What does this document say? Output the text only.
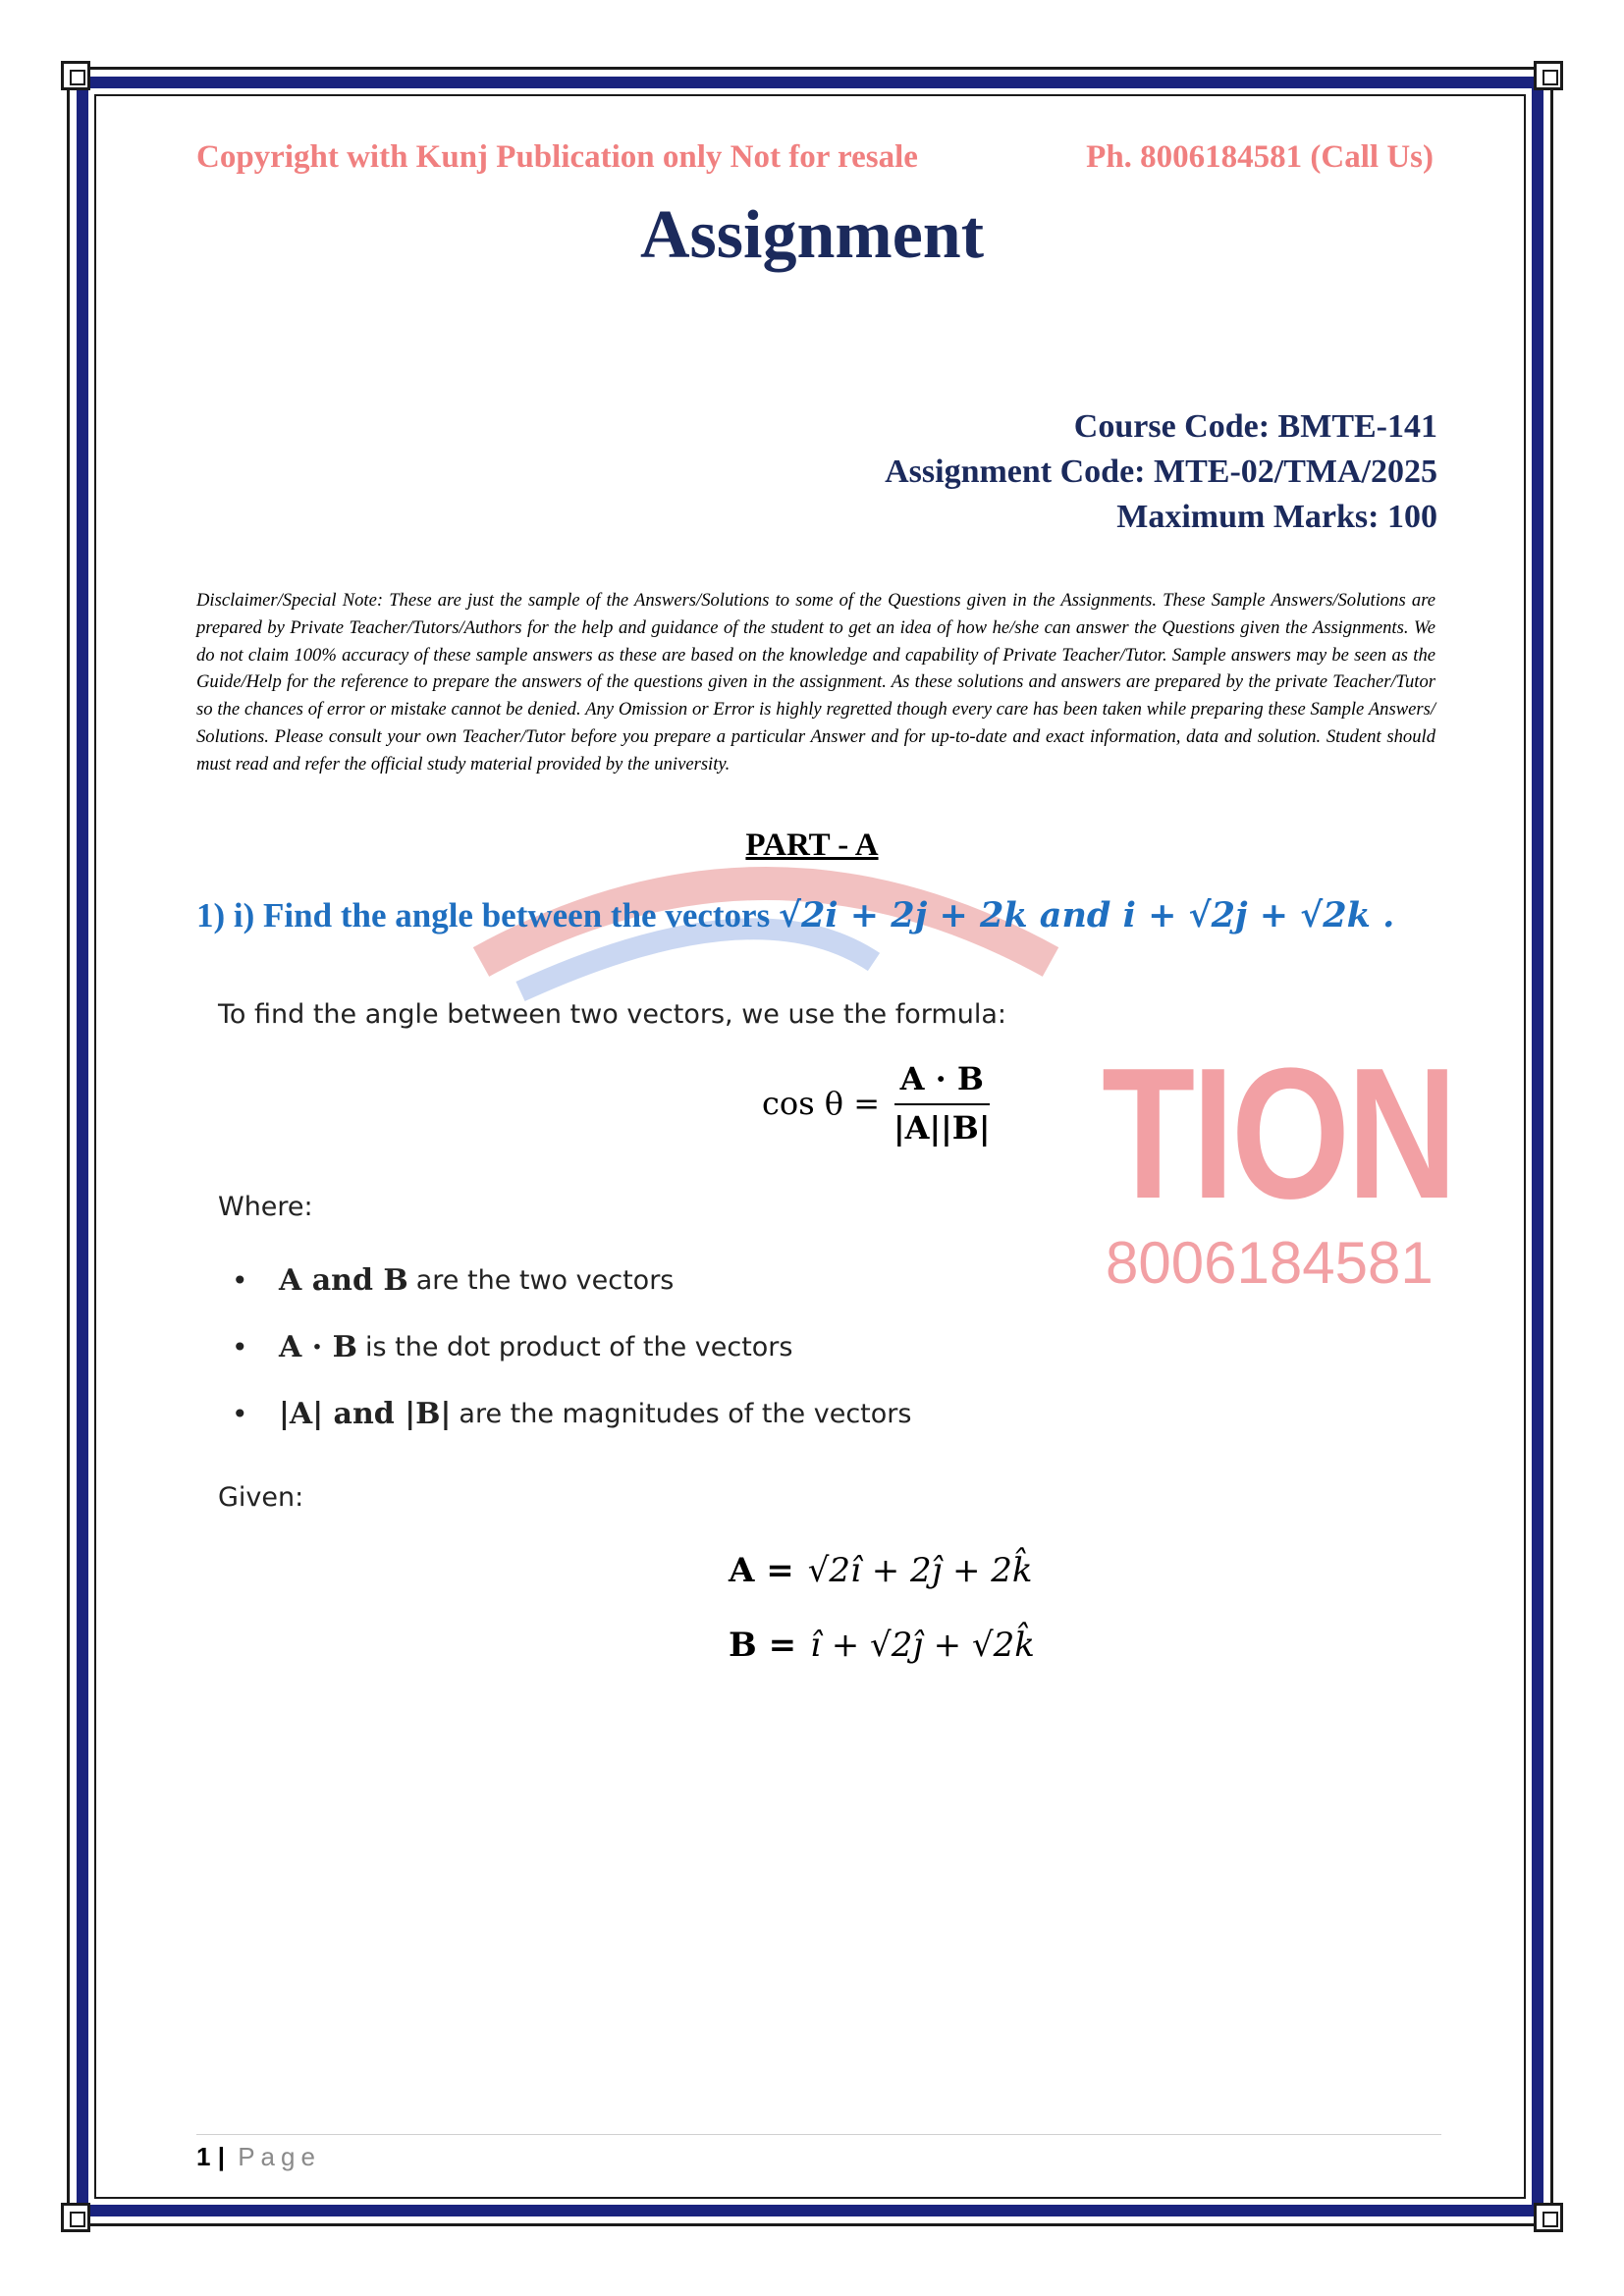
TION
8006184581
Copyright with Kunj Publication only Not for resale	Ph. 8006184581 (Call Us)
Assignment
Course Code: BMTE-141
Assignment Code: MTE-02/TMA/2025
Maximum Marks: 100
Disclaimer/Special Note: These are just the sample of the Answers/Solutions to some of the Questions given in the Assignments. These Sample Answers/Solutions are prepared by Private Teacher/Tutors/Authors for the help and guidance of the student to get an idea of how he/she can answer the Questions given the Assignments. We do not claim 100% accuracy of these sample answers as these are based on the knowledge and capability of Private Teacher/Tutor. Sample answers may be seen as the Guide/Help for the reference to prepare the answers of the questions given in the assignment. As these solutions and answers are prepared by the private Teacher/Tutor so the chances of error or mistake cannot be denied. Any Omission or Error is highly regretted though every care has been taken while preparing these Sample Answers/ Solutions. Please consult your own Teacher/Tutor before you prepare a particular Answer and for up-to-date and exact information, data and solution. Student should must read and refer the official study material provided by the university.
PART - A
1) i) Find the angle between the vectors √2i + 2j + 2k and i + √2j + √2k .
To find the angle between two vectors, we use the formula:
$\cos \theta = \frac{A \cdot B}{|A||B|}$
Where:
• A and B are the two vectors
• A · B is the dot product of the vectors
• |A| and |B| are the magnitudes of the vectors
Given:
A = √2î + 2ĵ + 2k̂
B = î + √2ĵ + √2k̂
1 | Page
